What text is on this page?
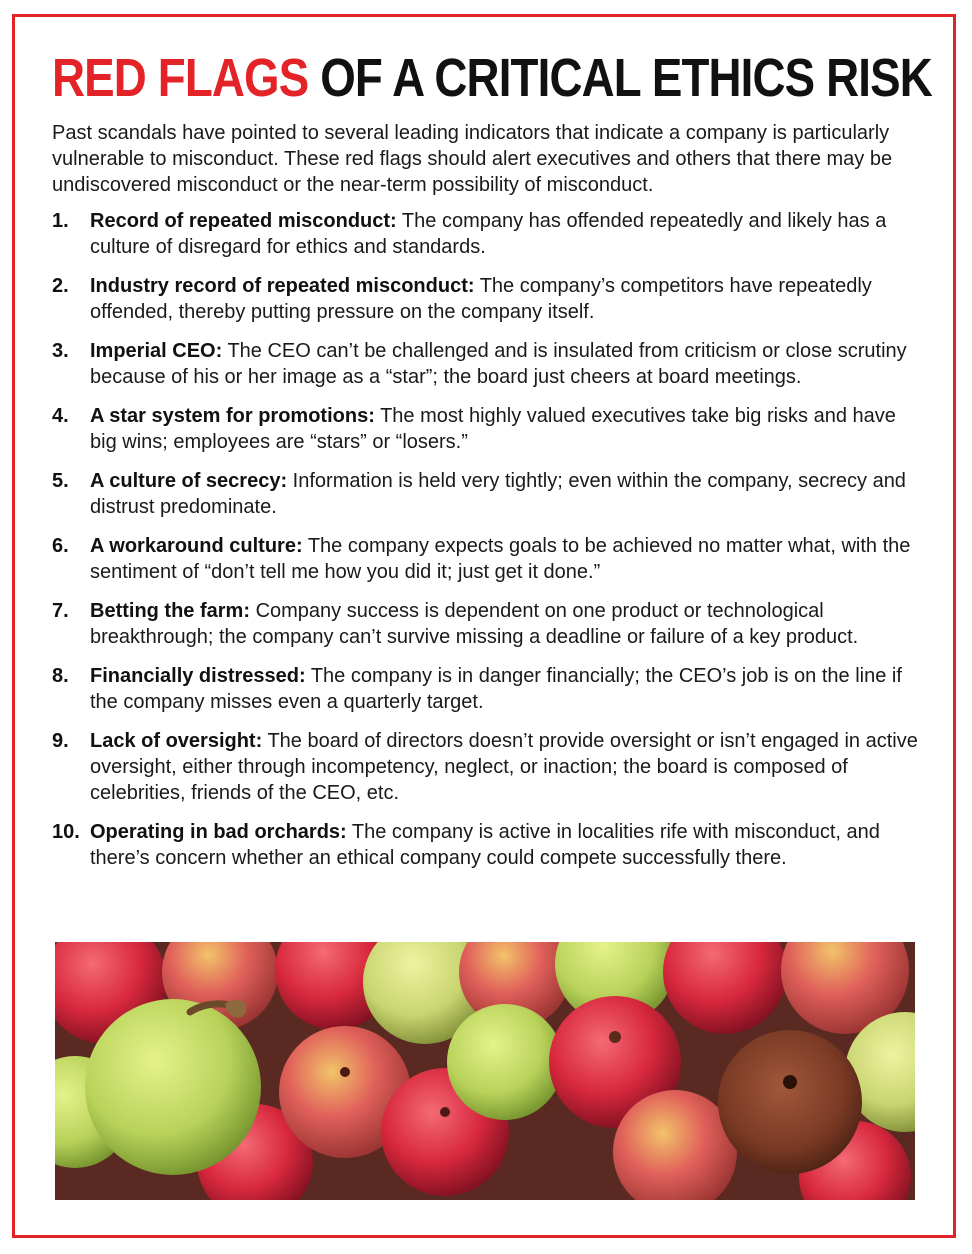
RED FLAGS OF A CRITICAL ETHICS RISK

Past scandals have pointed to several leading indicators that indicate a company is particularly vulnerable to misconduct. These red flags should alert executives and others that there may be undiscovered misconduct or the near-term possibility of misconduct.

1. Record of repeated misconduct: The company has offended repeatedly and likely has a culture of disregard for ethics and standards.
2. Industry record of repeated misconduct: The company’s competitors have repeatedly offended, thereby putting pressure on the company itself.
3. Imperial CEO: The CEO can’t be challenged and is insulated from criticism or close scrutiny because of his or her image as a “star”; the board just cheers at board meetings.
4. A star system for promotions: The most highly valued executives take big risks and have big wins; employees are “stars” or “losers.”
5. A culture of secrecy: Information is held very tightly; even within the company, secrecy and distrust predominate.
6. A workaround culture: The company expects goals to be achieved no matter what, with the sentiment of “don’t tell me how you did it; just get it done.”
7. Betting the farm: Company success is dependent on one product or technological breakthrough; the company can’t survive missing a deadline or failure of a key product.
8. Financially distressed: The company is in danger financially; the CEO’s job is on the line if the company misses even a quarterly target.
9. Lack of oversight: The board of directors doesn’t provide oversight or isn’t engaged in active oversight, either through incompetency, neglect, or inaction; the board is composed of celebrities, friends of the CEO, etc.
10. Operating in bad orchards: The company is active in localities rife with misconduct, and there’s concern whether an ethical company could compete successfully there.
